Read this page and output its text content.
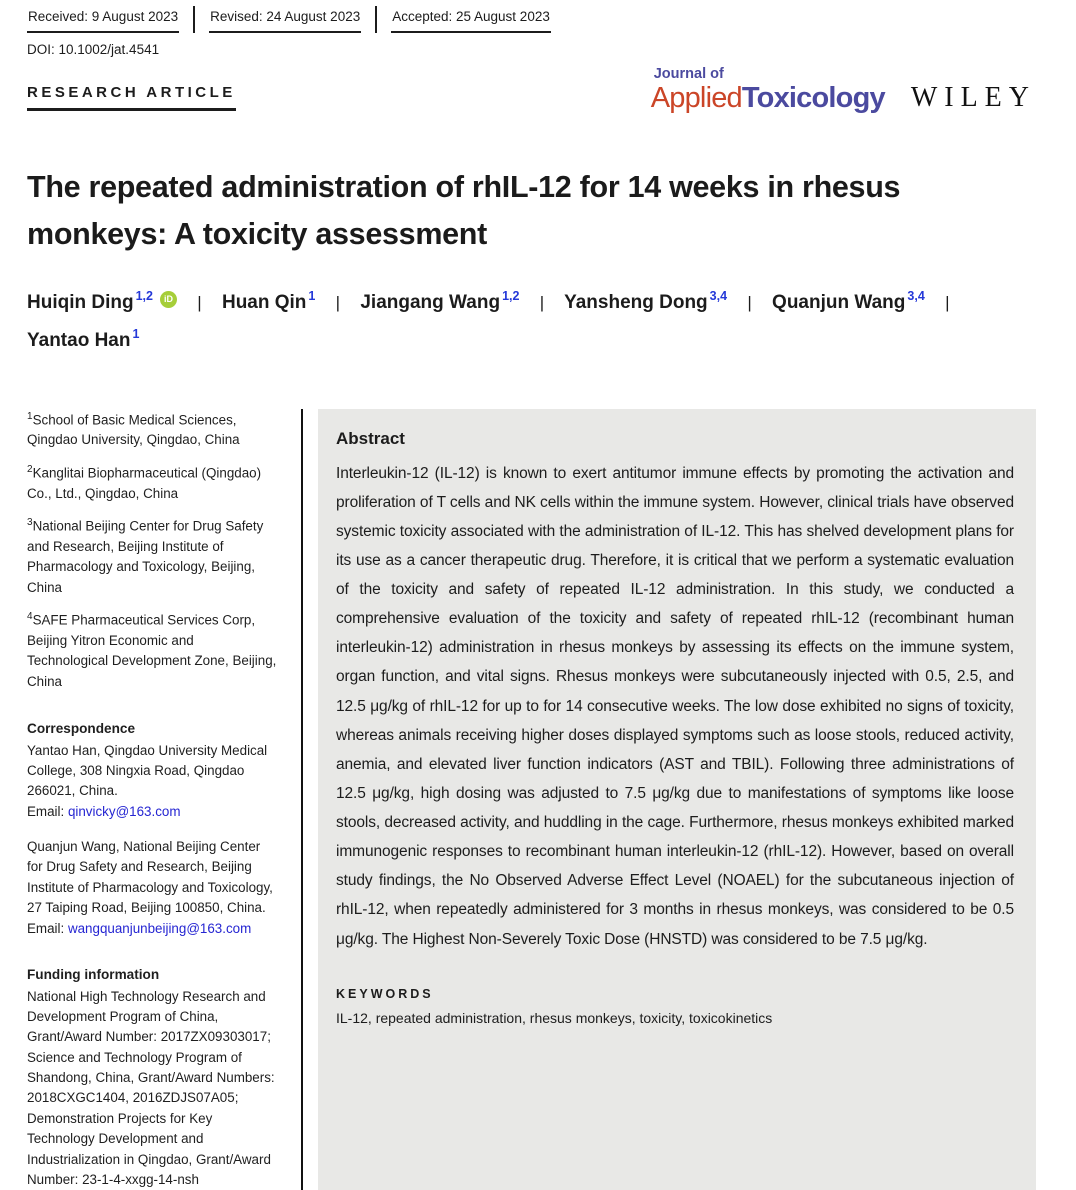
Received: 9 August 2023 Revised: 24 August 2023 Accepted: 25 August 2023
DOI: 10.1002/jat.4541
RESEARCH ARTICLE
Journal of
AppliedToxicology WILEY
The repeated administration of rhIL-12 for 14 weeks in rhesus monkeys: A toxicity assessment
Huiqin Ding $^{1,2}$ iD | Huan Qin $^1$ | Jiangang Wang $^{1,2}$ | Yansheng Dong $^{3,4}$ | Quanjun Wang $^{3,4}$ | Yantao Han $^1$

$^1$School of Basic Medical Sciences, Qingdao University, Qingdao, China

$^2$Kanglitai Biopharmaceutical (Qingdao) Co., Ltd., Qingdao, China

$^3$National Beijing Center for Drug Safety and Research, Beijing Institute of Pharmacology and Toxicology, Beijing, China

$^4$SAFE Pharmaceutical Services Corp, Beijing Yitron Economic and Technological Development Zone, Beijing, China

Correspondence

Yantao Han, Qingdao University Medical College, 308 Ningxia Road, Qingdao 266021, China.
Email: qinvicky@163.com

Quanjun Wang, National Beijing Center for Drug Safety and Research, Beijing Institute of Pharmacology and Toxicology, 27 Taiping Road, Beijing 100850, China.
Email: wangquanjunbeijing@163.com

Funding information

National High Technology Research and Development Program of China, Grant/Award Number: 2017ZX09303017; Science and Technology Program of Shandong, China, Grant/Award Numbers: 2018CXGC1404, 2016ZDJS07A05; Demonstration Projects for Key Technology Development and Industrialization in Qingdao, Grant/Award Number: 23-1-4-xxgg-14-nsh

Abstract

Interleukin-12 (IL-12) is known to exert antitumor immune effects by promoting the activation and proliferation of T cells and NK cells within the immune system. However, clinical trials have observed systemic toxicity associated with the administration of IL-12. This has shelved development plans for its use as a cancer therapeutic drug. Therefore, it is critical that we perform a systematic evaluation of the toxicity and safety of repeated IL-12 administration. In this study, we conducted a comprehensive evaluation of the toxicity and safety of repeated rhIL-12 (recombinant human interleukin-12) administration in rhesus monkeys by assessing its effects on the immune system, organ function, and vital signs. Rhesus monkeys were subcutaneously injected with 0.5, 2.5, and 12.5 μg/kg of rhIL-12 for up to for 14 consecutive weeks. The low dose exhibited no signs of toxicity, whereas animals receiving higher doses displayed symptoms such as loose stools, reduced activity, anemia, and elevated liver function indicators (AST and TBIL). Following three administrations of 12.5 μg/kg, high dosing was adjusted to 7.5 μg/kg due to manifestations of symptoms like loose stools, decreased activity, and huddling in the cage. Furthermore, rhesus monkeys exhibited marked immunogenic responses to recombinant human interleukin-12 (rhIL-12). However, based on overall study findings, the No Observed Adverse Effect Level (NOAEL) for the subcutaneous injection of rhIL-12, when repeatedly administered for 3 months in rhesus monkeys, was considered to be 0.5 μg/kg. The Highest Non-Severely Toxic Dose (HNSTD) was considered to be 7.5 μg/kg.

KEYWORDS
IL-12, repeated administration, rhesus monkeys, toxicity, toxicokinetics
